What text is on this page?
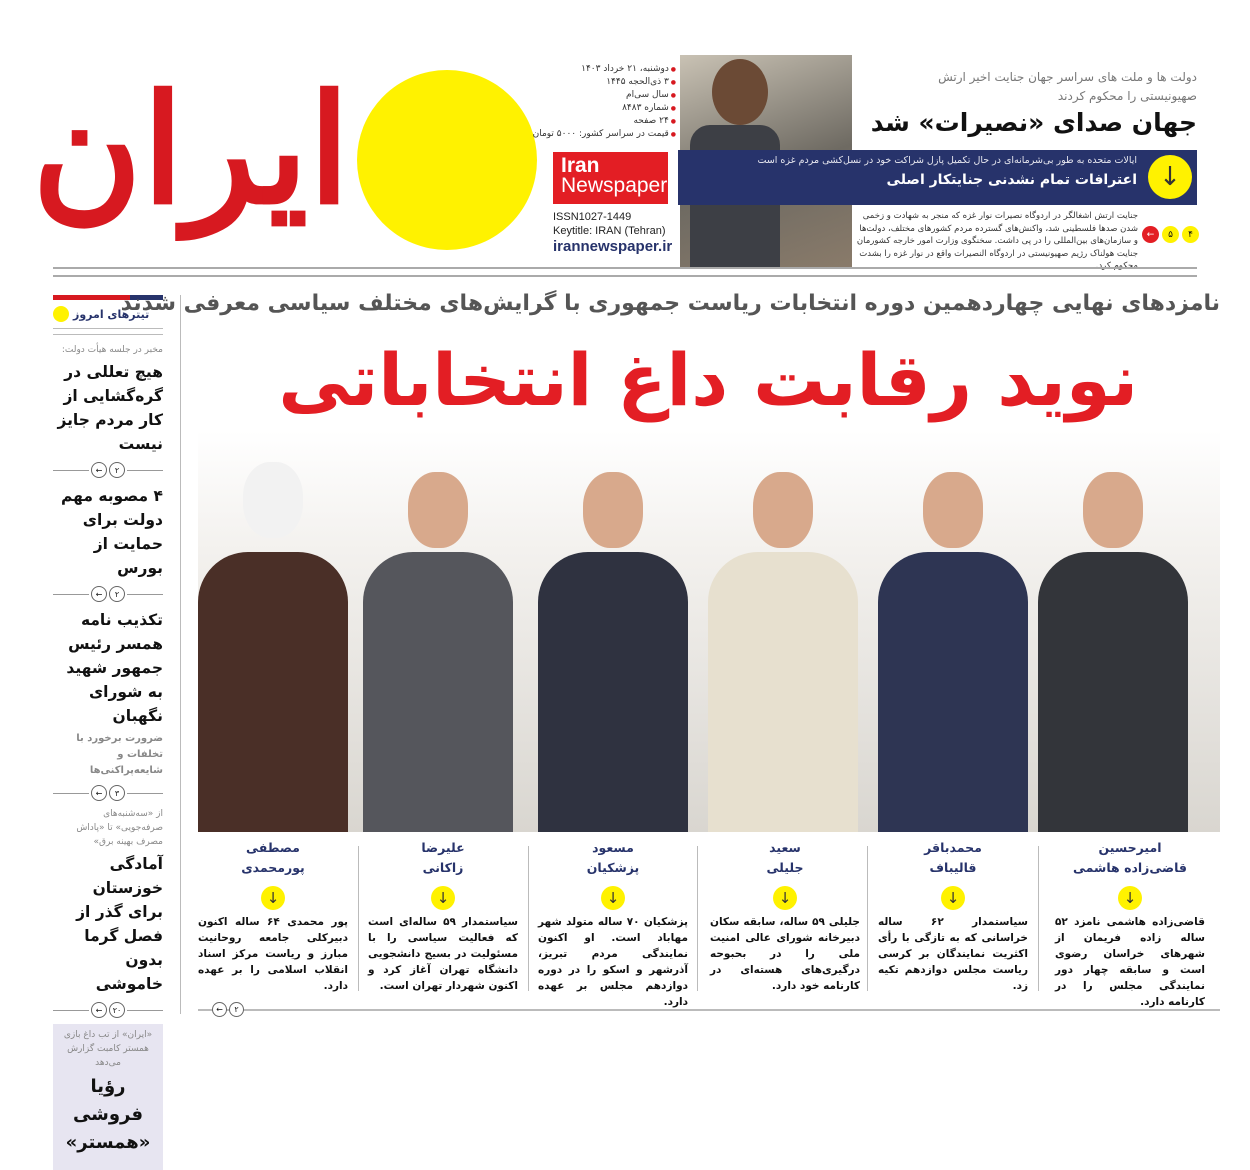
ایران	● دوشنبه، ۲۱ خرداد ۱۴۰۳
● ۳ ذی‌الحجه ۱۴۴۵
● سال سی‌ام
● شماره ۸۴۸۳
● ۲۴ صفحه
● قیمت در سراسر کشور: ۵۰۰۰ تومان
Iran
Newspaper
ISSN1027-1449
Keytitle: IRAN (Tehran)
irannewspaper.ir
دولت ها و ملت های سراسر جهان جنایت اخیر ارتش صهیونیستی را محکوم کردند
جهان صدای «نصیرات» شد
ایالات متحده به طور بی‌شرمانه‌ای در حال تکمیل پازل شراکت خود در نسل‌کشی مردم غزه است
اعترافات تمام نشدنی جنایتکار اصلی ↓
جنایت ارتش اشغالگر در اردوگاه نصیرات نوار غزه که منجر به شهادت و زخمی شدن صدها فلسطینی شد، واکنش‌های گسترده مردم کشورهای مختلف، دولت‌ها و سازمان‌های بین‌المللی را در پی داشت. سخنگوی وزارت امور خارجه کشورمان جنایت هولناک رژیم صهیونیستی در اردوگاه النصیرات واقع در نوار غزه را بشدت محکوم کرد.
←	۵	۴
تیترهای امروز
مخبر در جلسه هیأت دولت:
هیچ تعللی در گره‌گشایی از کار مردم جایز نیست
←	۲
۴ مصوبه مهم دولت برای حمایت از بورس
←	۲
تکذیب نامه همسر رئیس جمهور شهید به شورای نگهبان
ضرورت برخورد با تخلفات و شایعه‌پراکنی‌ها
←	۳
از «سه‌شنبه‌های صرفه‌جویی» تا «پاداش مصرف بهینه برق»
آمادگی خوزستان برای گذر از فصل گرما بدون خاموشی
←	۲۰
«ایران» از تب داغ بازی همستر کامبت گزارش می‌دهد
رؤیا فروشی «همستر»
نامزدهای نهایی چهاردهمین دوره انتخابات ریاست جمهوری با گرایش‌های مختلف سیاسی معرفی شدند
نوید رقابت داغ انتخاباتی
امیرحسین
قاضی‌زاده هاشمی
↓
قاضی‌زاده هاشمی نامزد ۵۲ ساله زاده فریمان از شهرهای خراسان رضوی است و سابقه چهار دور نمایندگی مجلس را در کارنامه دارد.
محمدباقر
قالیباف
↓
سیاستمدار ۶۲ ساله خراسانی که به تازگی با رأی اکثریت نمایندگان بر کرسی ریاست مجلس دوازدهم تکیه زد.
سعید
جلیلی
↓
جلیلی ۵۹ ساله، سابقه سکان دبیرخانه شورای عالی امنیت ملی را در بحبوحه درگیری‌های هسته‌ای در کارنامه خود دارد.
مسعود
پزشکیان
↓
پزشکیان ۷۰ ساله متولد شهر مهاباد است. او اکنون نمایندگی مردم تبریز، آذرشهر و اسکو را در دوره دوازدهم مجلس بر عهده دارد.
علیرضا
زاکانی
↓
سیاستمدار ۵۹ ساله‌ای است که فعالیت سیاسی را با مسئولیت در بسیج دانشجویی دانشگاه تهران آغاز کرد و اکنون شهردار تهران است.
مصطفی
پورمحمدی
↓
پور محمدی ۶۴ ساله اکنون دبیرکلی جامعه روحانیت مبارز و ریاست مرکز اسناد انقلاب اسلامی را بر عهده دارد.
←	۲
